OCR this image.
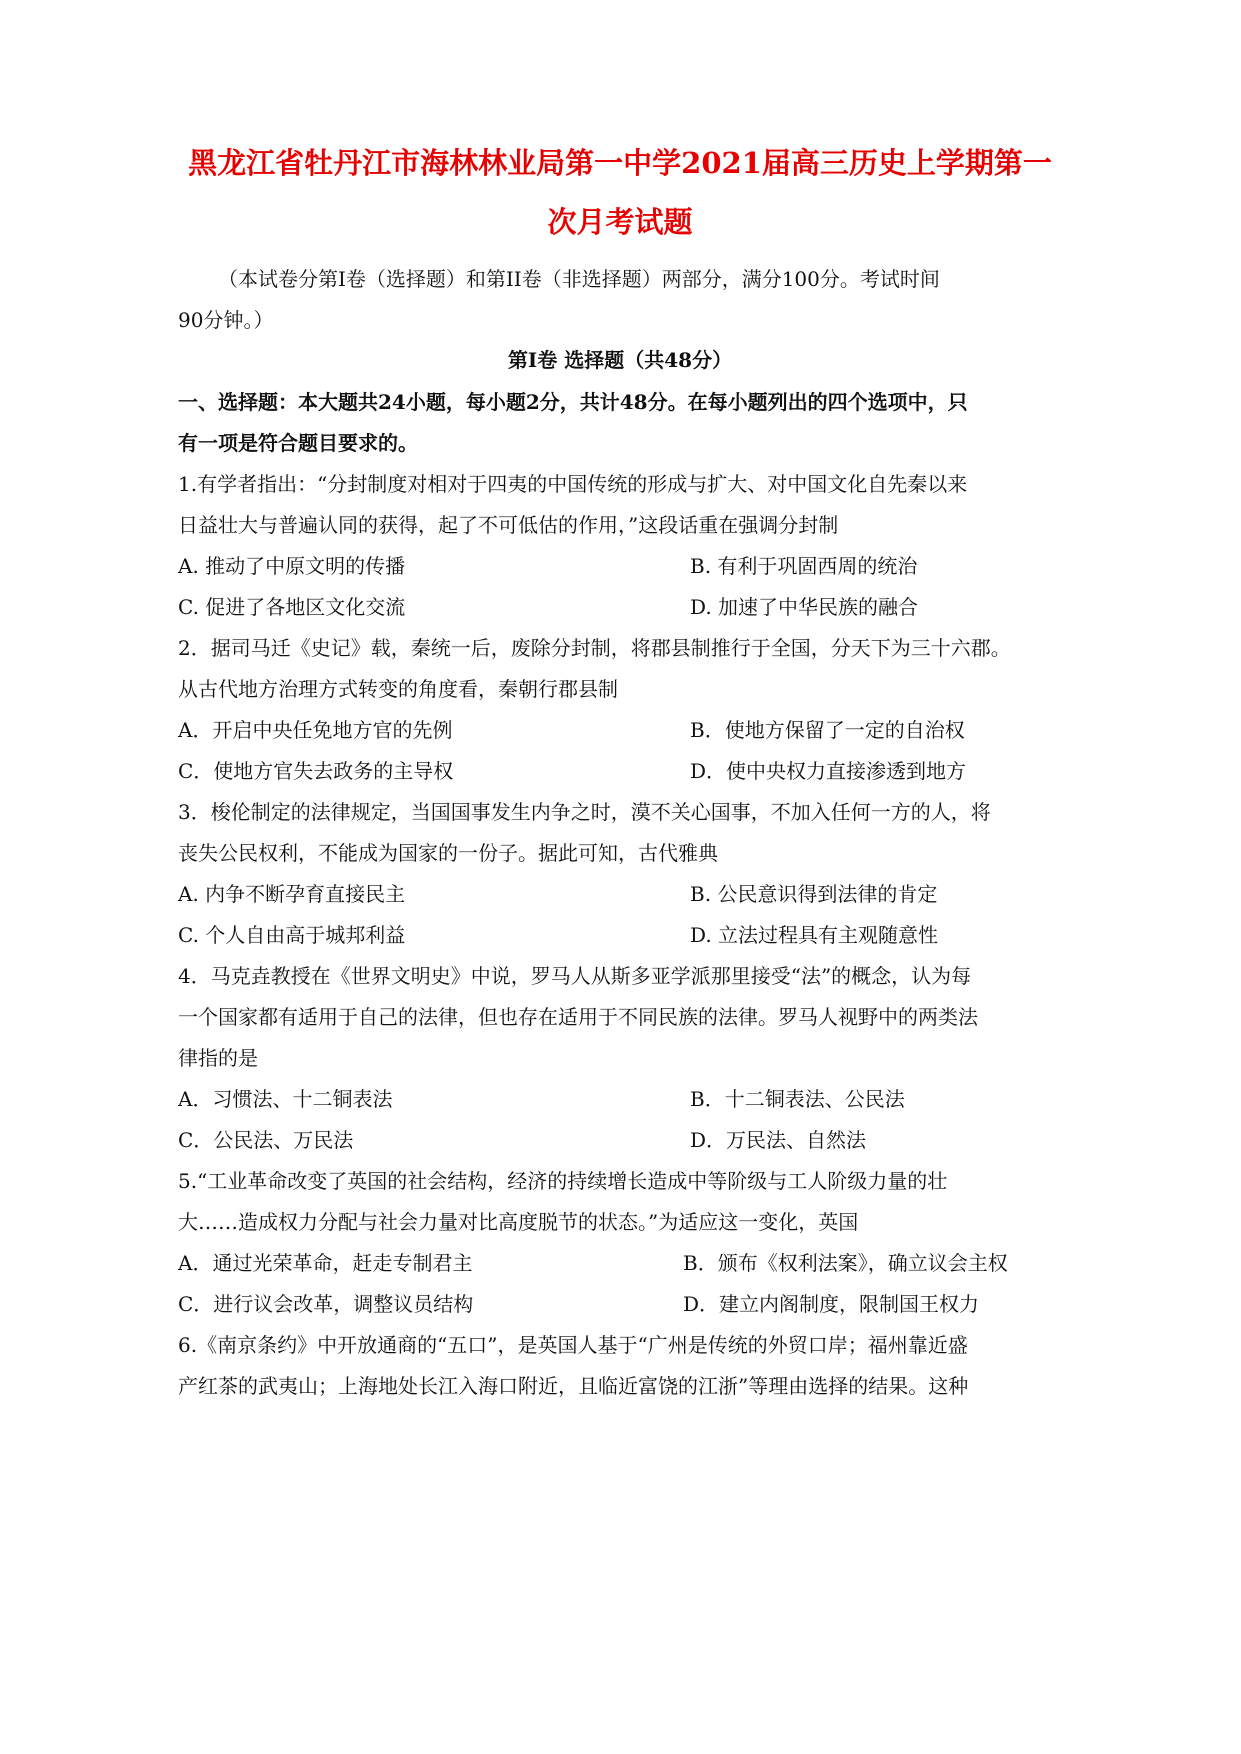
黑龙江省牡丹江市海林林业局第一中学2021届高三历史上学期第一
次月考试题
（本试卷分第Ⅰ卷（选择题）和第II卷（非选择题）两部分，满分100分。考试时间
90分钟。）
第Ⅰ卷 选择题（共48分）
一、选择题：本大题共24小题，每小题2分，共计48分。在每小题列出的四个选项中，只
有一项是符合题目要求的。
1.有学者指出：“分封制度对相对于四夷的中国传统的形成与扩大、对中国文化自先秦以来
日益壮大与普遍认同的获得，起了不可低估的作用，”这段话重在强调分封制
A. 推动了中原文明的传播	B. 有利于巩固西周的统治
C. 促进了各地区文化交流	D. 加速了中华民族的融合
2．据司马迁《史记》载，秦统一后，废除分封制，将郡县制推行于全国，分天下为三十六郡。
从古代地方治理方式转变的角度看，秦朝行郡县制
A．开启中央任免地方官的先例	B．使地方保留了一定的自治权
C．使地方官失去政务的主导权	D．使中央权力直接渗透到地方
3．梭伦制定的法律规定，当国国事发生内争之时，漠不关心国事，不加入任何一方的人，将
丧失公民权利，不能成为国家的一份子。据此可知，古代雅典
A. 内争不断孕育直接民主	B. 公民意识得到法律的肯定
C. 个人自由高于城邦利益	D. 立法过程具有主观随意性
4．马克垚教授在《世界文明史》中说，罗马人从斯多亚学派那里接受“法”的概念，认为每
一个国家都有适用于自己的法律，但也存在适用于不同民族的法律。罗马人视野中的两类法
律指的是
A．习惯法、十二铜表法	B．十二铜表法、公民法
C．公民法、万民法	D．万民法、自然法
5.“工业革命改变了英国的社会结构，经济的持续增长造成中等阶级与工人阶级力量的壮
大……造成权力分配与社会力量对比高度脱节的状态。”为适应这一变化，英国
A．通过光荣革命，赶走专制君主	B．颁布《权利法案》，确立议会主权
C．进行议会改革，调整议员结构	D．建立内阁制度，限制国王权力
6.《南京条约》中开放通商的“五口”，是英国人基于“广州是传统的外贸口岸；福州靠近盛
产红茶的武夷山；上海地处长江入海口附近，且临近富饶的江浙”等理由选择的结果。这种
